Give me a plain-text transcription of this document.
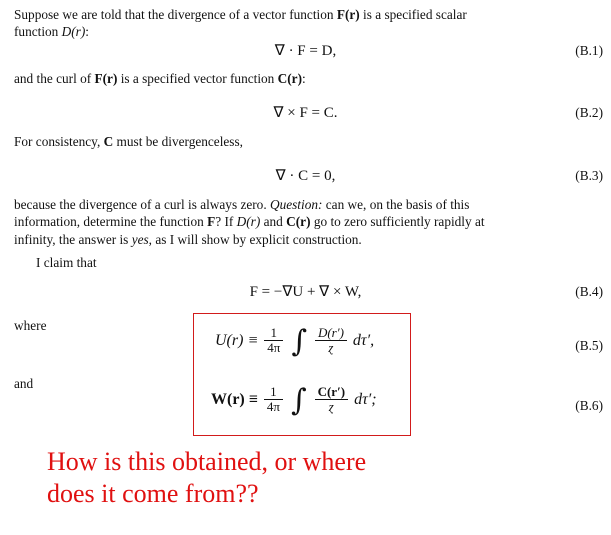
Suppose we are told that the divergence of a vector function F(r) is a specified scalar
function D(r):
∇ · F = D,	(B.1)
and the curl of F(r) is a specified vector function C(r):
∇ × F = C.	(B.2)
For consistency, C must be divergenceless,
∇ · C = 0,	(B.3)
because the divergence of a curl is always zero. Question: can we, on the basis of this
information, determine the function F? If D(r) and C(r) go to zero sufficiently rapidly at
infinity, the answer is yes, as I will show by explicit construction.
I claim that
F = −∇U + ∇ × W,	(B.4)
where
$U(r) \equiv \frac{1}{4\pi}$ ∫ $\frac{D(r')}{ɀ} d\tau'$,	(B.5)
and
$W(r) \equiv \frac{1}{4\pi}$ ∫ $\frac{C(r')}{ɀ} d\tau'$;	(B.6)
How is this obtained, or where
does it come from??
